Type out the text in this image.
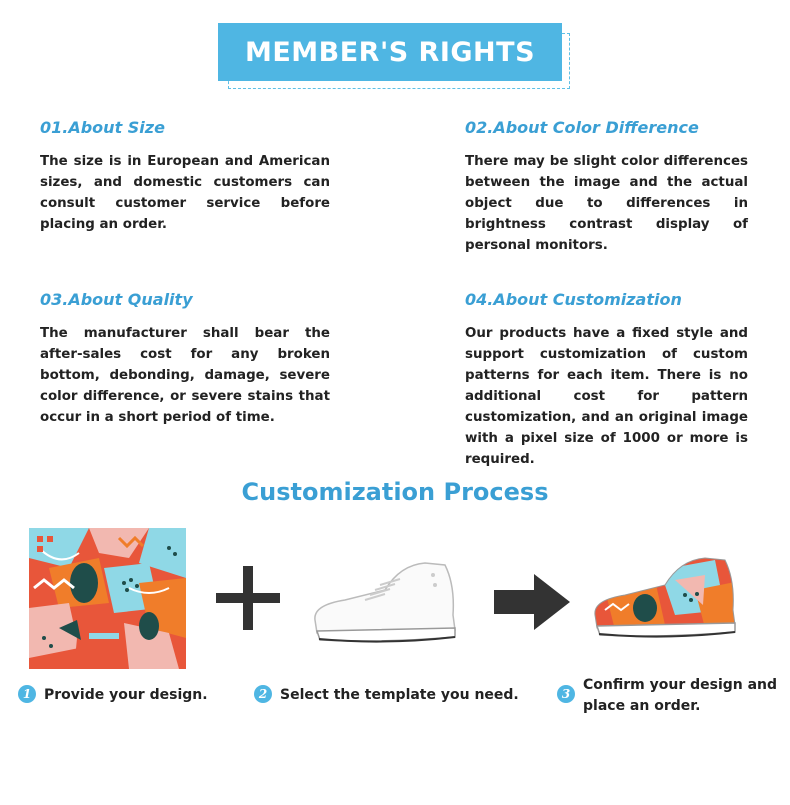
MEMBER'S RIGHTS
01.About Size
The size is in European and American sizes, and domestic customers can consult customer service before placing an order.
02.About Color Difference
There may be slight color differences between the image and the actual object due to differences in brightness contrast display of personal monitors.
03.About Quality
The manufacturer shall bear the after-sales cost for any broken bottom, debonding, damage, severe color difference, or severe stains that occur in a short period of time.
04.About Customization
Our products have a fixed style and support customization of custom patterns for each item. There is no additional cost for pattern customization, and an original image with a pixel size of 1000 or more is required.
Customization Process
1 Provide your design.	2 Select the template you need.	3
Confirm your design and place an order.
